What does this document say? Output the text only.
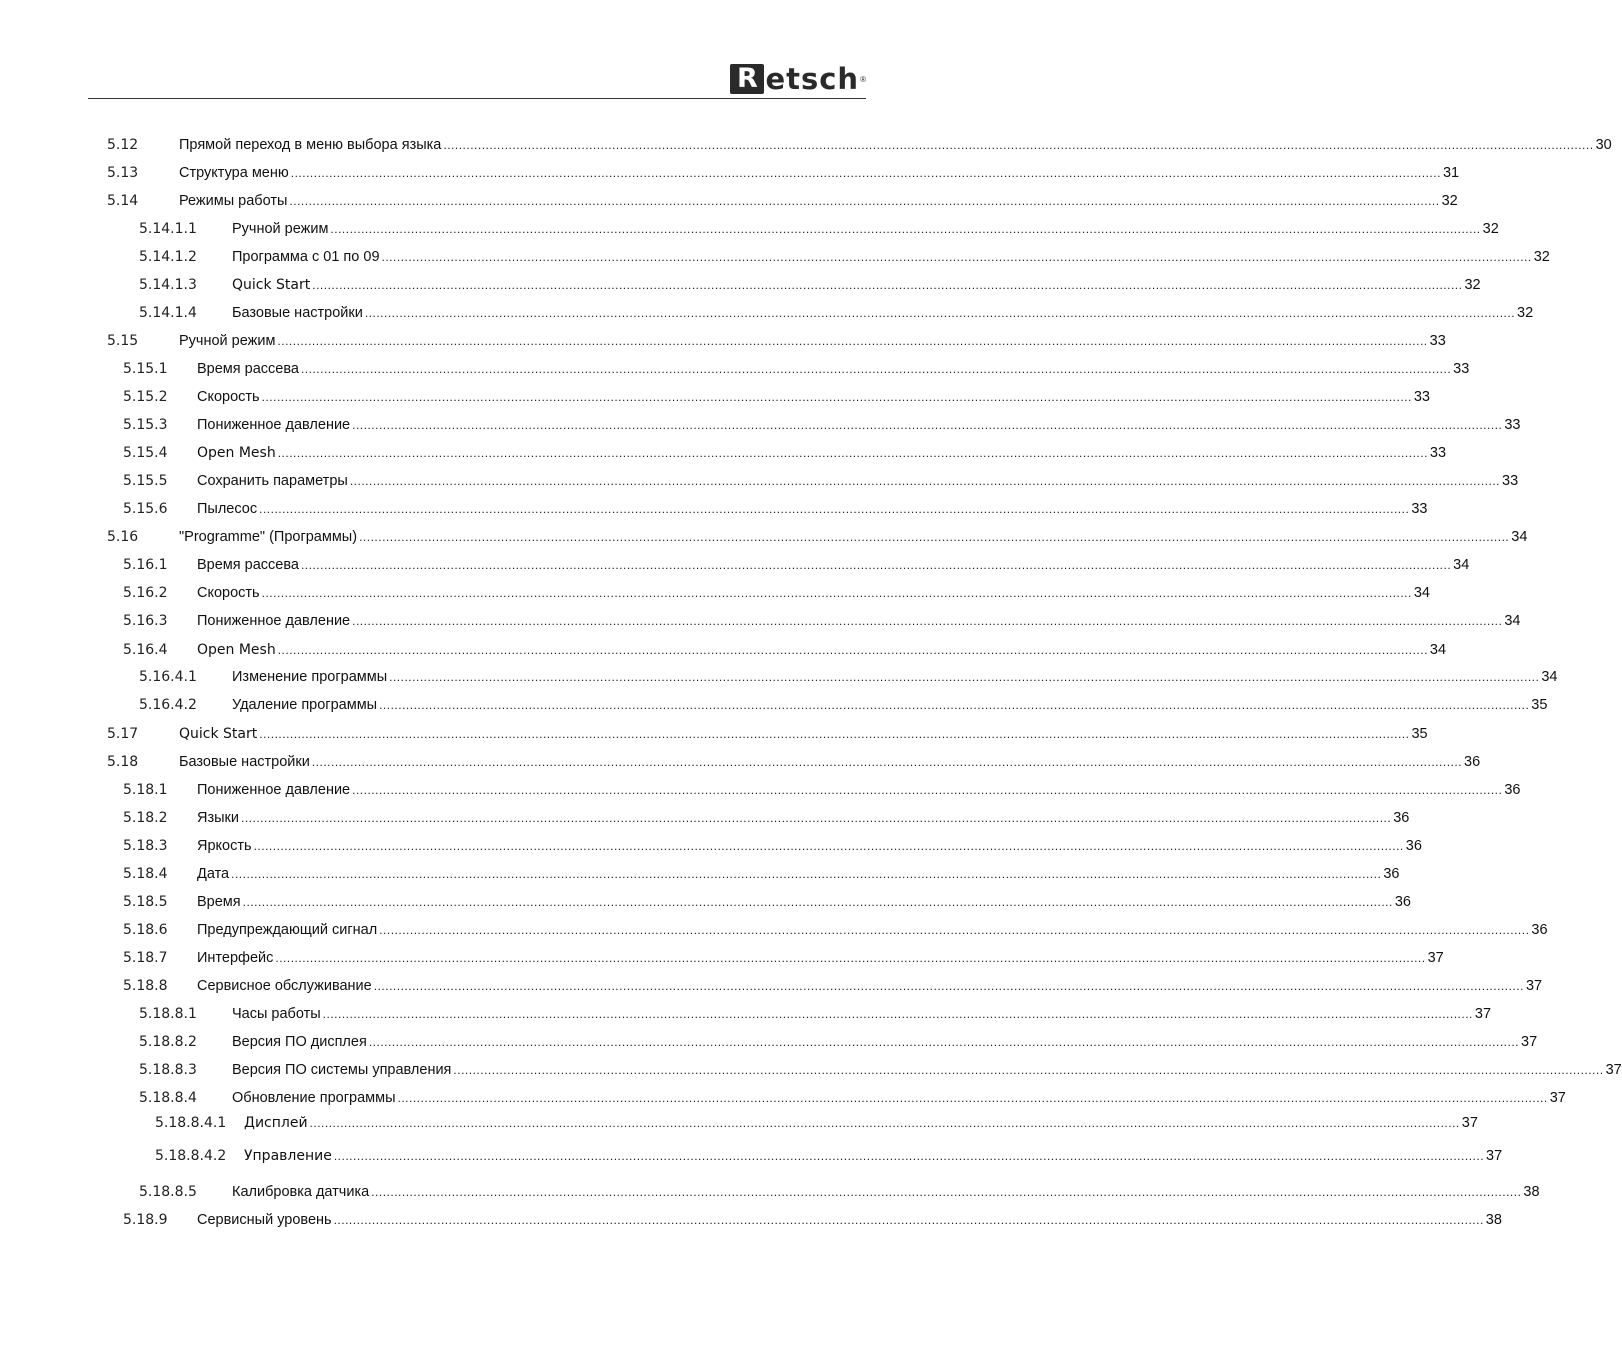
R etsch ®
5.12	Прямой переход в меню выбора языка ............................................................................................................................................................................................................................................................................................................ 30
5.13	Структура меню ............................................................................................................................................................................................................................................................................................................ 31
5.14	Режимы работы ............................................................................................................................................................................................................................................................................................................ 32
5.14.1.1 Ручной режим ............................................................................................................................................................................................................................................................................................................ 32
5.14.1.2 Программа с 01 по 09 ............................................................................................................................................................................................................................................................................................................ 32
5.14.1.3	Quick Start ............................................................................................................................................................................................................................................................................................................ 32
5.14.1.4 Базовые настройки ............................................................................................................................................................................................................................................................................................................ 32
5.15	Ручной режим ............................................................................................................................................................................................................................................................................................................ 33
5.15.1 Время рассева ............................................................................................................................................................................................................................................................................................................ 33
5.15.2 Скорость ............................................................................................................................................................................................................................................................................................................ 33
5.15.3 Пониженное давление ............................................................................................................................................................................................................................................................................................................ 33
5.15.4 Open Mesh ............................................................................................................................................................................................................................................................................................................ 33
5.15.5 Сохранить параметры ............................................................................................................................................................................................................................................................................................................ 33
5.15.6 Пылесос ............................................................................................................................................................................................................................................................................................................ 33
5.16	"Programme" (Программы) ............................................................................................................................................................................................................................................................................................................ 34
5.16.1 Время рассева ............................................................................................................................................................................................................................................................................................................ 34
5.16.2 Скорость ............................................................................................................................................................................................................................................................................................................ 34
5.16.3 Пониженное давление ............................................................................................................................................................................................................................................................................................................ 34
5.16.4 Open Mesh ............................................................................................................................................................................................................................................................................................................ 34
5.16.4.1 Изменение программы ............................................................................................................................................................................................................................................................................................................ 34
5.16.4.2 Удаление программы ............................................................................................................................................................................................................................................................................................................ 35
5.17	Quick Start ............................................................................................................................................................................................................................................................................................................ 35
5.18	Базовые настройки ............................................................................................................................................................................................................................................................................................................ 36
5.18.1 Пониженное давление ............................................................................................................................................................................................................................................................................................................ 36
5.18.2 Языки ............................................................................................................................................................................................................................................................................................................ 36
5.18.3 Яркость ............................................................................................................................................................................................................................................................................................................ 36
5.18.4 Дата ............................................................................................................................................................................................................................................................................................................ 36
5.18.5 Время ............................................................................................................................................................................................................................................................................................................ 36
5.18.6 Предупреждающий сигнал ............................................................................................................................................................................................................................................................................................................ 36
5.18.7 Интерфейс ............................................................................................................................................................................................................................................................................................................ 37
5.18.8 Сервисное обслуживание ............................................................................................................................................................................................................................................................................................................ 37
5.18.8.1 Часы работы ............................................................................................................................................................................................................................................................................................................ 37
5.18.8.2 Версия ПО дисплея ............................................................................................................................................................................................................................................................................................................ 37
5.18.8.3 Версия ПО системы управления ............................................................................................................................................................................................................................................................................................................ 37
5.18.8.4 Обновление программы ............................................................................................................................................................................................................................................................................................................ 37
5.18.8.4.1 Дисплей ............................................................................................................................................................................................................................................................................................................ 37
5.18.8.4.2 Управление ............................................................................................................................................................................................................................................................................................................ 37
5.18.8.5 Калибровка датчика ............................................................................................................................................................................................................................................................................................................ 38
5.18.9 Сервисный уровень ............................................................................................................................................................................................................................................................................................................ 38
